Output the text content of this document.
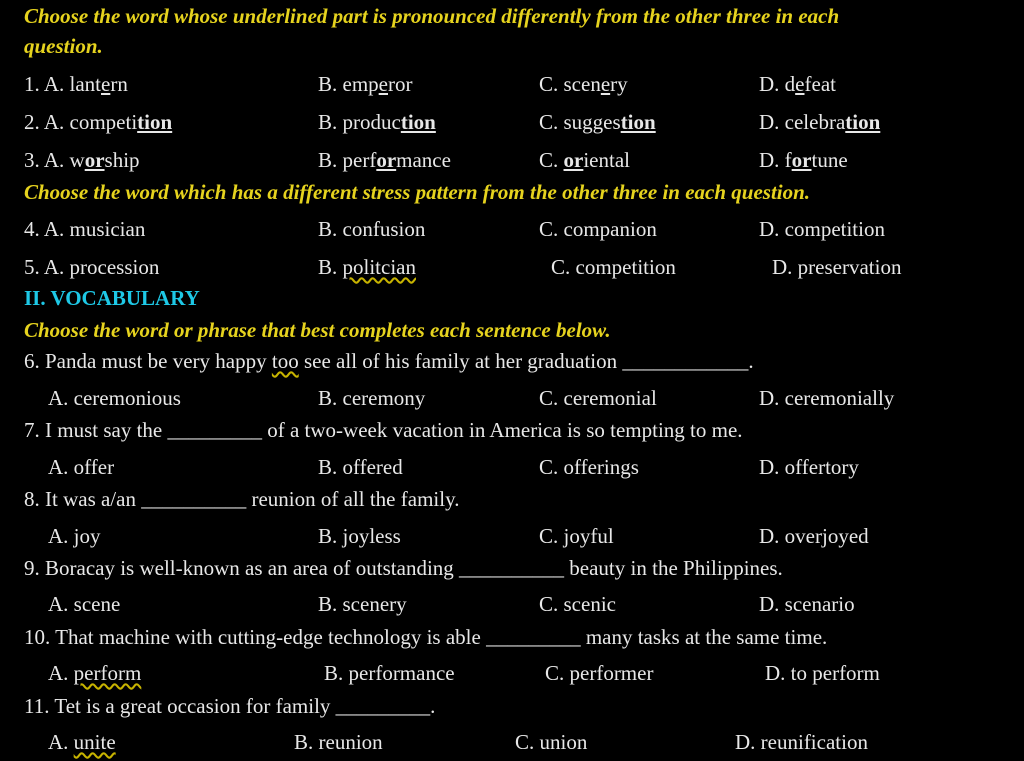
Choose the word whose underlined part is pronounced differently from the other three in each
question.
1. A. lantern	B. emperor	C. scenery	D. defeat
2. A. competition	B. production	C. suggestion	D. celebration
3. A. worship	B. performance	C. oriental	D. fortune
Choose the word which has a different stress pattern from the other three in each question.
4. A. musician	B. confusion	C. companion	D. competition
5. A. procession	B. politcian	C. competition	D. preservation
II. VOCABULARY
Choose the word or phrase that best completes each sentence below.
6. Panda must be very happy too see all of his family at her graduation ____________.
A. ceremonious	B. ceremony	C. ceremonial	D. ceremonially
7. I must say the _________ of a two-week vacation in America is so tempting to me.
A. offer	B. offered	C. offerings	D. offertory
8. It was a/an __________ reunion of all the family.
A. joy	B. joyless	C. joyful	D. overjoyed
9. Boracay is well-known as an area of outstanding __________ beauty in the Philippines.
A. scene	B. scenery	C. scenic	D. scenario
10. That machine with cutting-edge technology is able _________ many tasks at the same time.
A. perform	B. performance	C. performer	D. to perform
11. Tet is a great occasion for family _________.
A. unite	B. reunion	C. union	D. reunification
